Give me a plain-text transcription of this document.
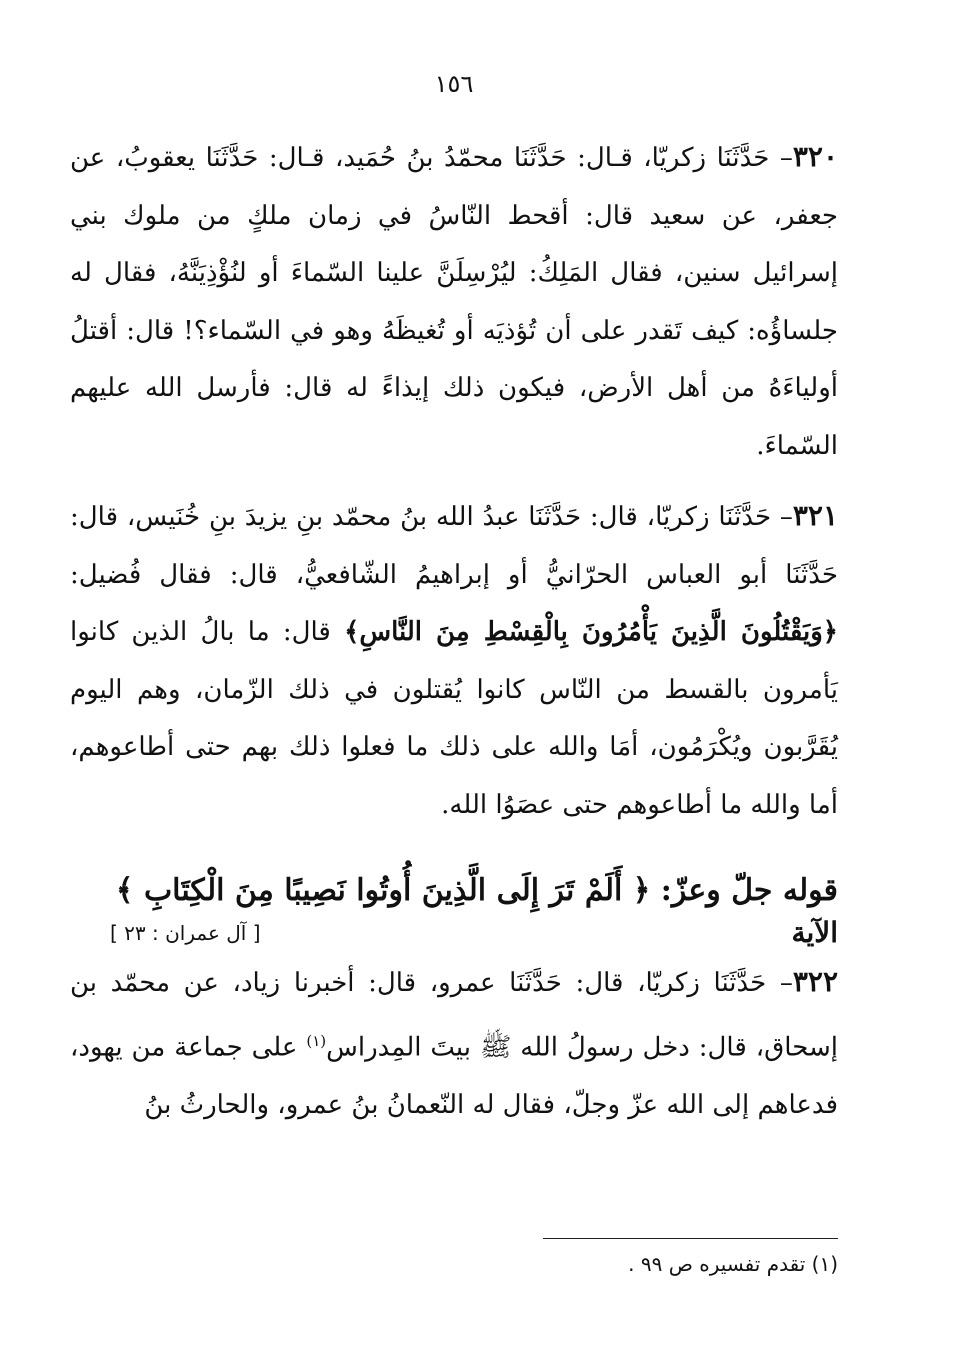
١٥٦

٣٢٠– حَدَّثَنَا زكريّا، قـال: حَدَّثَنَا محمّدُ بنُ حُمَيد، قـال: حَدَّثَنَا يعقوبُ، عن جعفر، عن سعيد قال: أقحط النّاسُ في زمان ملكٍ من ملوك بني إسرائيل سنين، فقال المَلِكُ: ليُرْسِلَنَّ علينا السّماءَ أو لنُؤْذِيَنَّهُ، فقال له جلساؤُه: كيف تَقدر على أن تُؤذيَه أو تُغيظَهُ وهو في السّماء؟! قال: أقتلُ أولياءَهُ من أهل الأرض، فيكون ذلك إيذاءً له قال: فأرسل الله عليهم السّماءَ.

٣٢١– حَدَّثَنَا زكريّا، قال: حَدَّثَنَا عبدُ الله بنُ محمّد بنِ يزيدَ بنِ خُنَيس، قال: حَدَّثَنَا أبو العباس الحرّانيُّ أو إبراهيمُ الشّافعيُّ، قال: فقال فُضيل: ﴿وَيَقْتُلُونَ الَّذِينَ يَأْمُرُونَ بِالْقِسْطِ مِنَ النَّاسِ﴾ قال: ما بالُ الذين كانوا يَأمرون بالقسط من النّاس كانوا يُقتلون في ذلك الزّمان، وهم اليوم يُقَرَّبون ويُكْرَمُون، أمَا والله على ذلك ما فعلوا ذلك بهم حتى أطاعوهم، أما والله ما أطاعوهم حتى عصَوُا الله.

قوله جلّ وعزّ: ﴿ أَلَمْ تَرَ إِلَى الَّذِينَ أُوتُوا نَصِيبًا مِنَ الْكِتَابِ ﴾
الآية
[ آل عمران : ٢٣ ]

٣٢٢– حَدَّثَنَا زكريّا، قال: حَدَّثَنَا عمرو، قال: أخبرنا زياد، عن محمّد بن إسحاق، قال: دخل رسولُ الله ﷺ بيتَ المِدراس$^{(١)}$ على جماعة من يهود، فدعاهم إلى الله عزّ وجلّ، فقال له النّعمانُ بنُ عمرو، والحارثُ بنُ

(١) تقدم تفسيره ص ٩٩ .
